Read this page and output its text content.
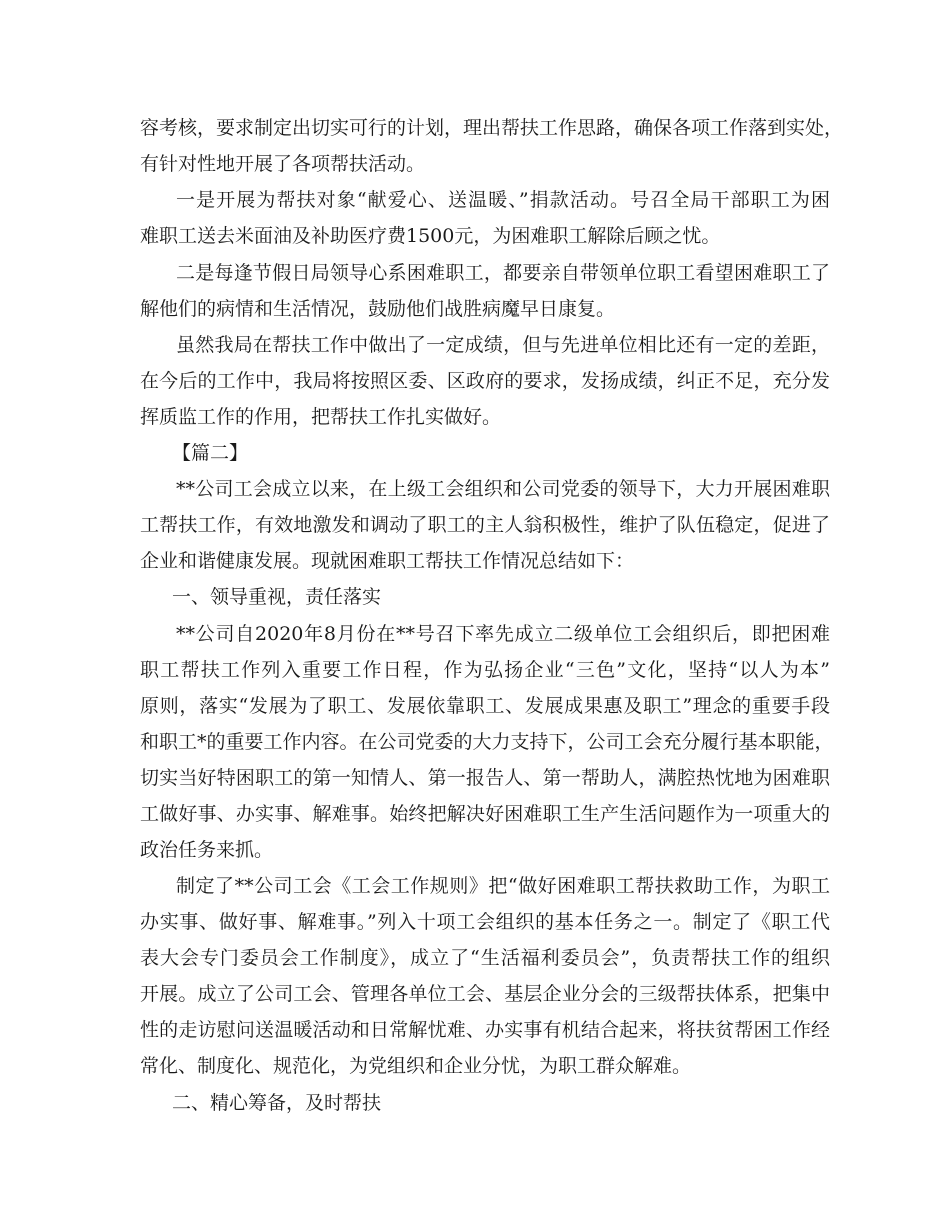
容考核，要求制定出切实可行的计划，理出帮扶工作思路，确保各项工作落到实处，

有针对性地开展了各项帮扶活动。

一是开展为帮扶对象“献爱心、送温暖、”捐款活动。号召全局干部职工为困

难职工送去米面油及补助医疗费1500元，为困难职工解除后顾之忧。

二是每逢节假日局领导心系困难职工，都要亲自带领单位职工看望困难职工了

解他们的病情和生活情况，鼓励他们战胜病魔早日康复。

虽然我局在帮扶工作中做出了一定成绩，但与先进单位相比还有一定的差距，

在今后的工作中，我局将按照区委、区政府的要求，发扬成绩，纠正不足，充分发

挥质监工作的作用，把帮扶工作扎实做好。

【篇二】

**公司工会成立以来，在上级工会组织和公司党委的领导下，大力开展困难职

工帮扶工作，有效地激发和调动了职工的主人翁积极性，维护了队伍稳定，促进了

企业和谐健康发展。现就困难职工帮扶工作情况总结如下：

一、领导重视，责任落实

**公司自2020年8月份在**号召下率先成立二级单位工会组织后，即把困难

职工帮扶工作列入重要工作日程，作为弘扬企业“三色”文化，坚持“以人为本”

原则，落实“发展为了职工、发展依靠职工、发展成果惠及职工”理念的重要手段

和职工*的重要工作内容。在公司党委的大力支持下，公司工会充分履行基本职能，

切实当好特困职工的第一知情人、第一报告人、第一帮助人，满腔热忱地为困难职

工做好事、办实事、解难事。始终把解决好困难职工生产生活问题作为一项重大的

政治任务来抓。

制定了**公司工会《工会工作规则》把“做好困难职工帮扶救助工作，为职工

办实事、做好事、解难事。”列入十项工会组织的基本任务之一。制定了《职工代

表大会专门委员会工作制度》，成立了“生活福利委员会”，负责帮扶工作的组织

开展。成立了公司工会、管理各单位工会、基层企业分会的三级帮扶体系，把集中

性的走访慰问送温暖活动和日常解忧难、办实事有机结合起来，将扶贫帮困工作经

常化、制度化、规范化，为党组织和企业分忧，为职工群众解难。

二、精心筹备，及时帮扶
